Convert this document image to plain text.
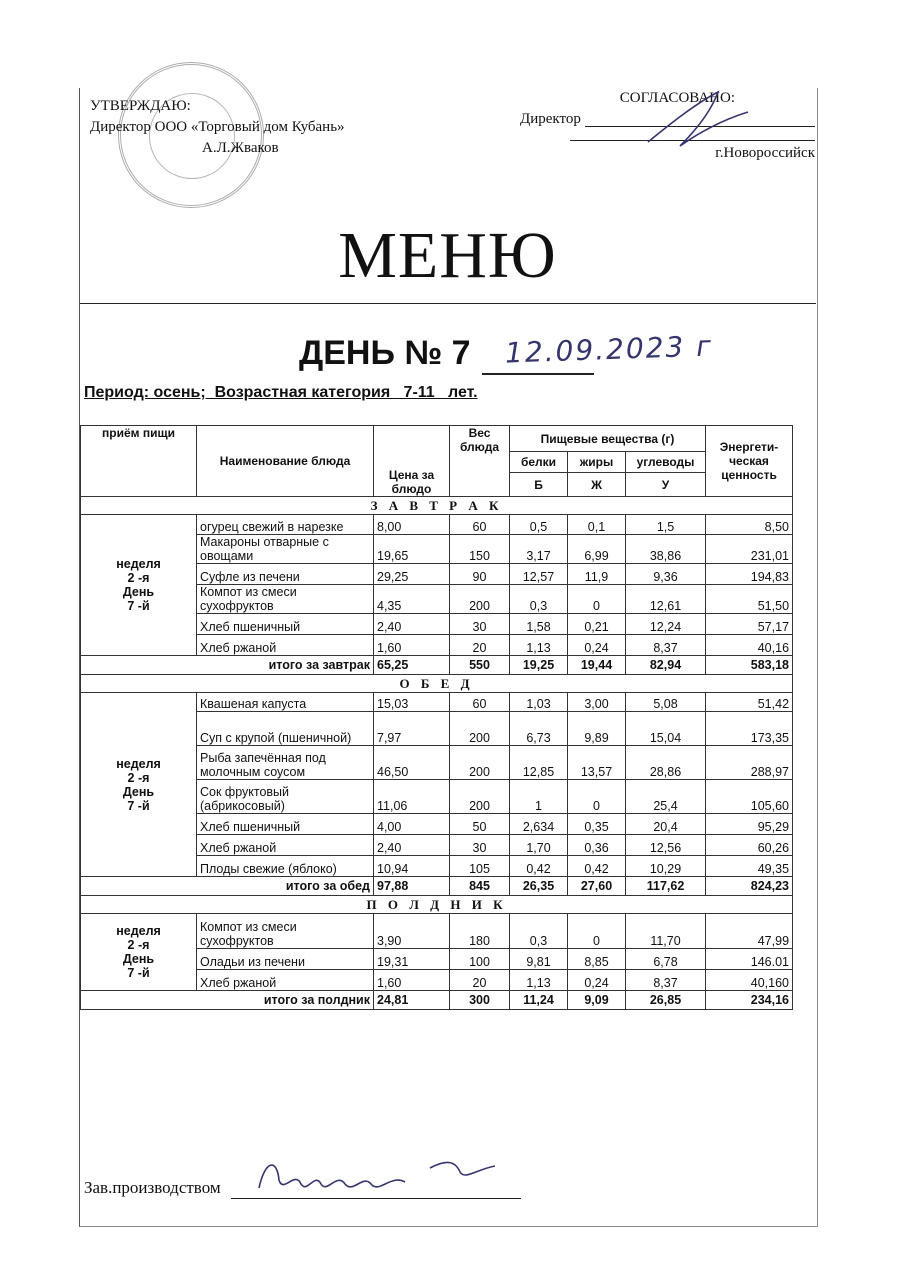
УТВЕРЖДАЮ:
Директор ООО «Торговый дом Кубань»
А.Л.Жваков
СОГЛАСОВАНО:
Директор
г.Новороссийск
МЕНЮ
ДЕНЬ № 7 12.09.2023 г
Период: осень;  Возрастная категория   7-11   лет.
приём пищи	Наименование блюда	Цена за блюдо	Вес блюда	Пищевые вещества (г)			Энергети-ческая ценность
				белки	жиры	углеводы	
				Б	Ж	У	
З А В Т Р А К							

неделя
2 -я
День
7 -й	огурец свежий в нарезке	8,00	60	0,5	0,1	1,5	8,50
	Макароны отварные с овощами	19,65	150	3,17	6,99	38,86	231,01
	Суфле из печени	29,25	90	12,57	11,9	9,36	194,83
	Компот из смеси сухофруктов	4,35	200	0,3	0	12,61	51,50
	Хлеб пшеничный	2,40	30	1,58	0,21	12,24	57,17
	Хлеб ржаной	1,60	20	1,13	0,24	8,37	40,16
итого за завтрак		65,25	550	19,25	19,44	82,94	583,18
О Б Е Д							

неделя
2 -я
День
7 -й	Квашеная капуста	15,03	60	1,03	3,00	5,08	51,42
	Суп с крупой (пшеничной)	7,97	200	6,73	9,89	15,04	173,35
	Рыба запечённая под молочным соусом	46,50	200	12,85	13,57	28,86	288,97
	Сок фруктовый (абрикосовый)	11,06	200	1	0	25,4	105,60
	Хлеб пшеничный	4,00	50	2,634	0,35	20,4	95,29
	Хлеб ржаной	2,40	30	1,70	0,36	12,56	60,26
	Плоды свежие (яблоко)	10,94	105	0,42	0,42	10,29	49,35
итого за обед		97,88	845	26,35	27,60	117,62	824,23
П О Л Д Н И К							

неделя
2 -я
День
7 -й	Компот из смеси сухофруктов	3,90	180	0,3	0	11,70	47,99
	Оладьи из печени	19,31	100	9,81	8,85	6,78	146.01
	Хлеб ржаной	1,60	20	1,13	0,24	8,37	40,160
итого за полдник		24,81	300	11,24	9,09	26,85	234,16
Зав.производством
